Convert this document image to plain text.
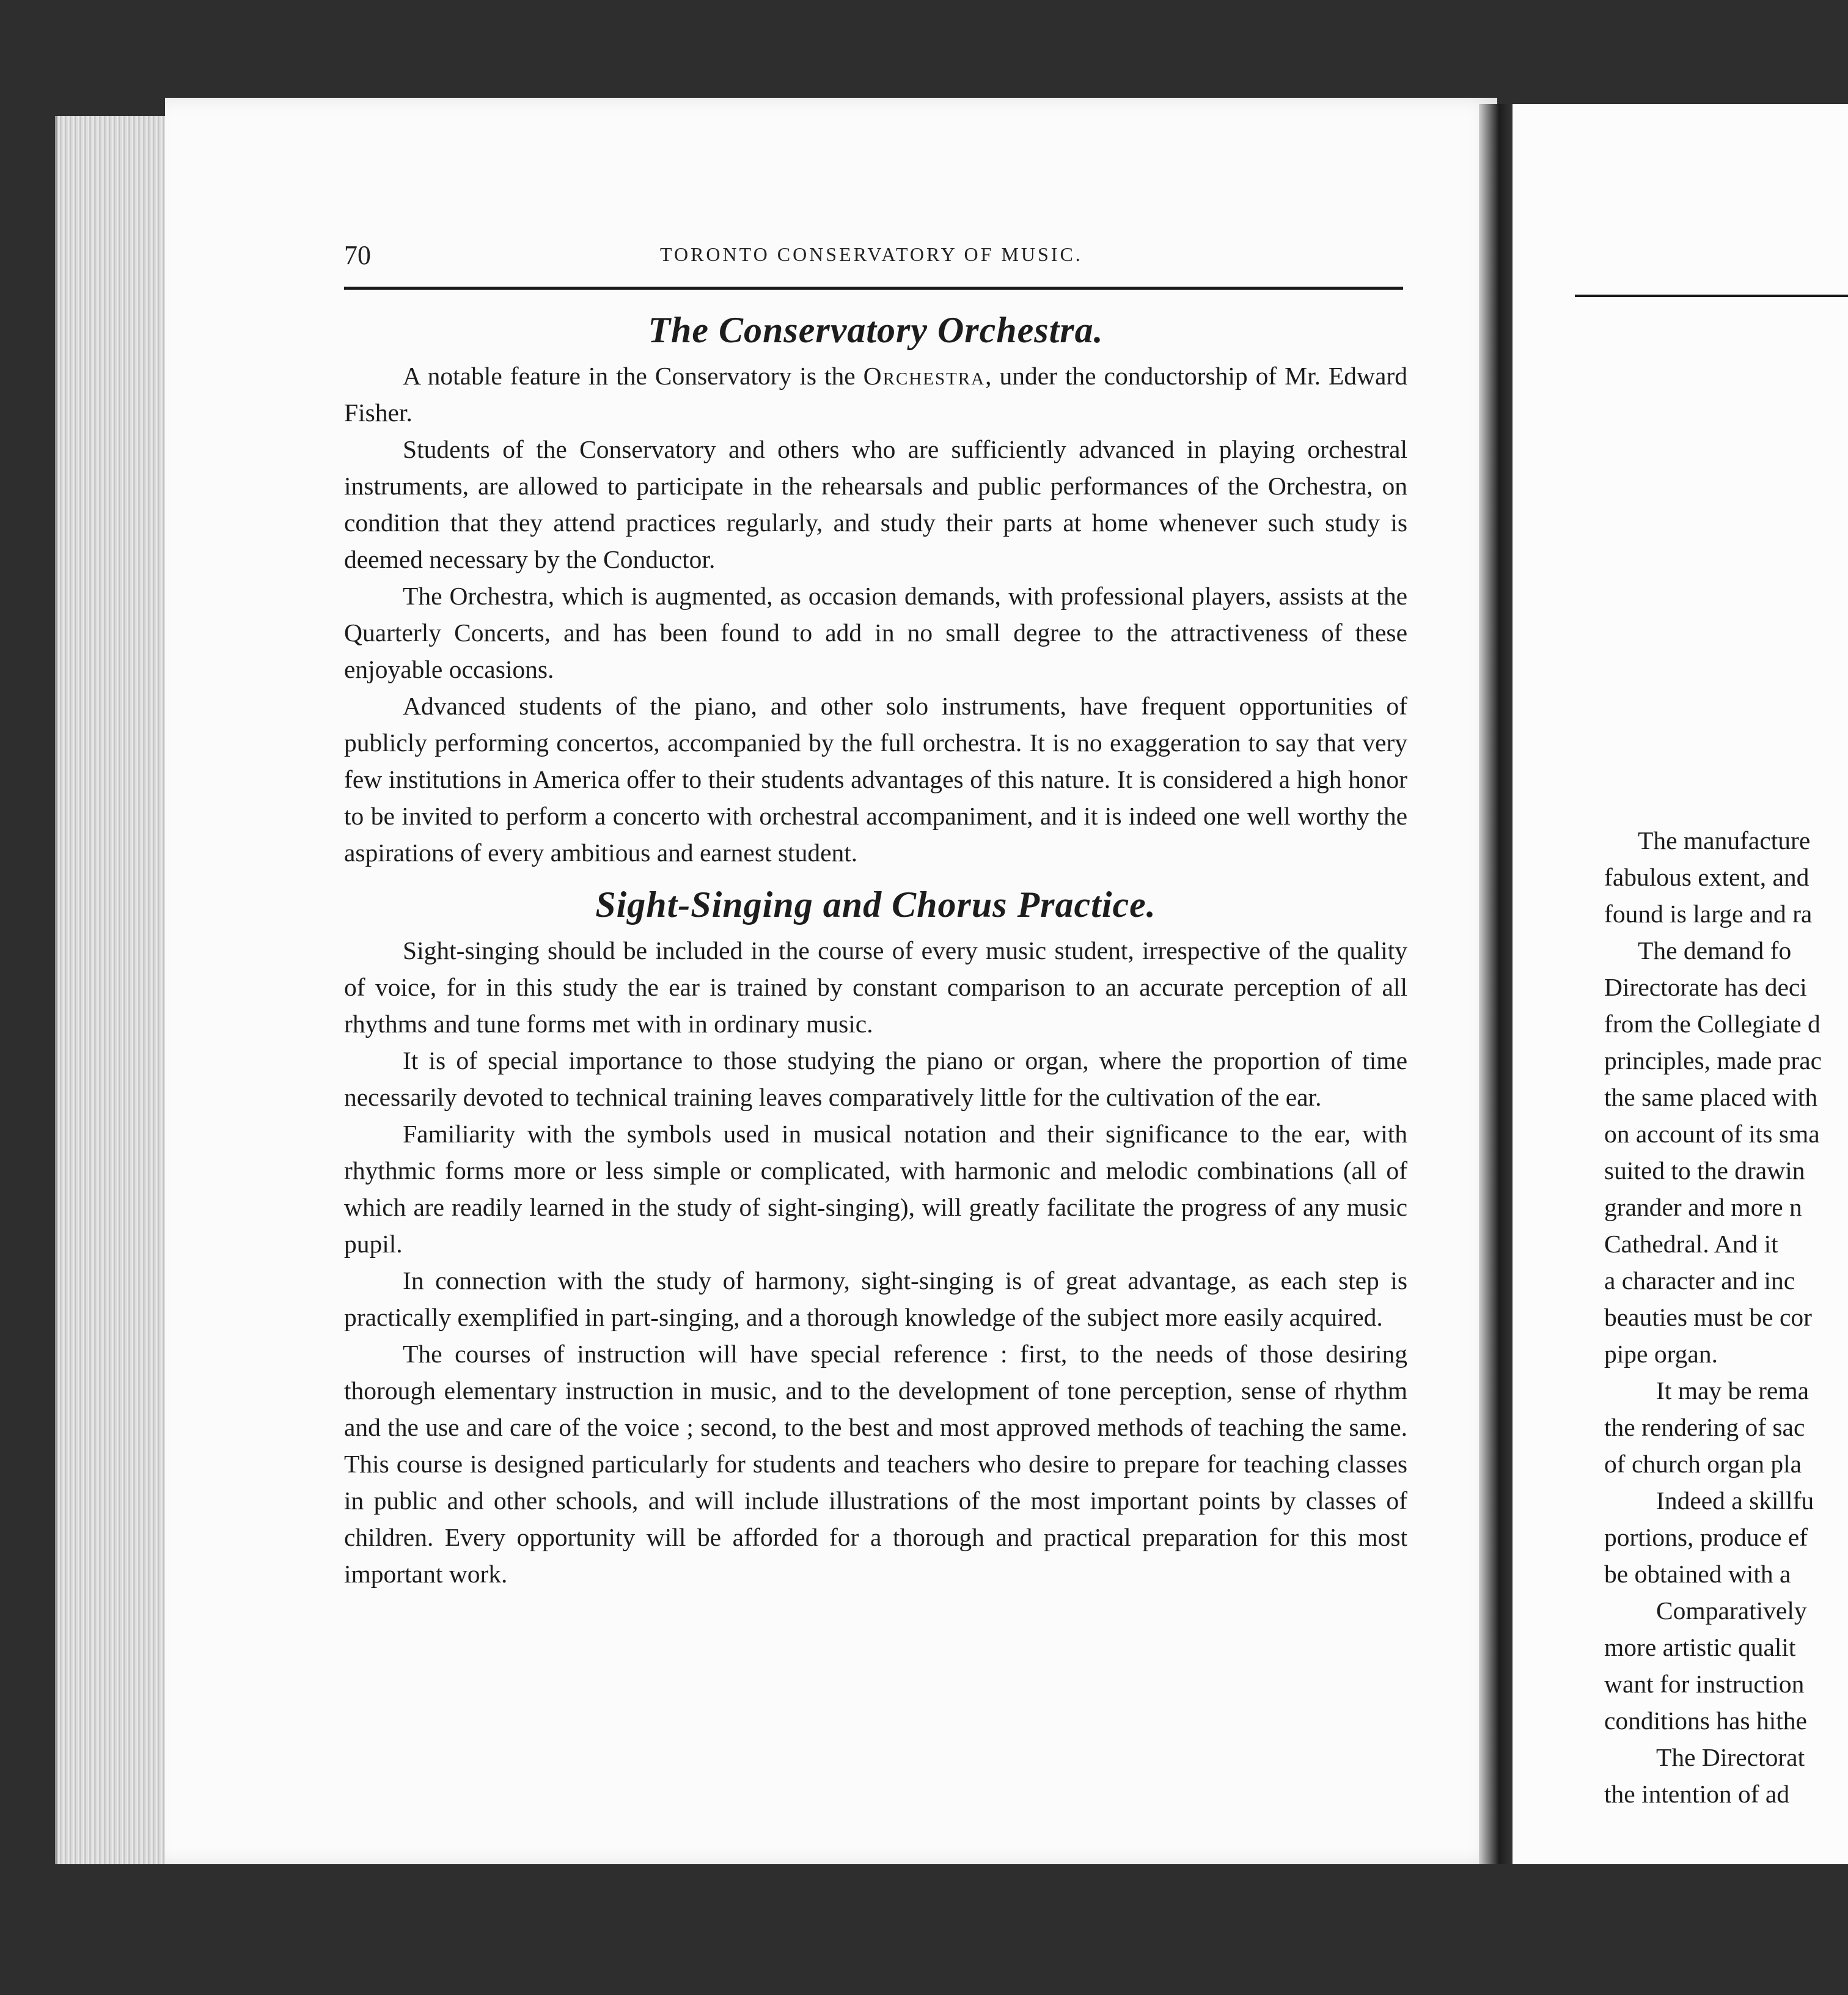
The manufacture
fabulous extent, and
found is large and ra
The demand fo
Directorate has deci
from the Collegiate d
principles, made prac
the same placed with
on account of its sma
suited to the drawin
grander and more n
Cathedral. And it
a character and inc
beauties must be cor
pipe organ.
It may be rema
the rendering of sac
of church organ pla
Indeed a skillfu
portions, produce ef
be obtained with a
Comparatively
more artistic qualit
want for instruction
conditions has hithe
The Directorat
the intention of ad
70	TORONTO CONSERVATORY OF MUSIC.
The Conservatory Orchestra.

A notable feature in the Conservatory is the Orchestra, under the conductorship of Mr. Edward Fisher.

Students of the Conservatory and others who are sufficiently advanced in playing orchestral instruments, are allowed to participate in the rehearsals and public performances of the Orchestra, on condition that they attend practices regularly, and study their parts at home whenever such study is deemed necessary by the Conductor.

The Orchestra, which is augmented, as occasion demands, with professional players, assists at the Quarterly Concerts, and has been found to add in no small degree to the attractiveness of these enjoyable occasions.

Advanced students of the piano, and other solo instruments, have frequent opportunities of publicly performing concertos, accompanied by the full orchestra. It is no exaggeration to say that very few institutions in America offer to their students advantages of this nature. It is considered a high honor to be invited to perform a concerto with orchestral accompaniment, and it is indeed one well worthy the aspirations of every ambitious and earnest student.

Sight-Singing and Chorus Practice.

Sight-singing should be included in the course of every music student, irrespective of the quality of voice, for in this study the ear is trained by constant comparison to an accurate perception of all rhythms and tune forms met with in ordinary music.

It is of special importance to those studying the piano or organ, where the proportion of time necessarily devoted to technical training leaves comparatively little for the cultivation of the ear.

Familiarity with the symbols used in musical notation and their significance to the ear, with rhythmic forms more or less simple or complicated, with harmonic and melodic combinations (all of which are readily learned in the study of sight-singing), will greatly facilitate the progress of any music pupil.

In connection with the study of harmony, sight-singing is of great advantage, as each step is practically exemplified in part-singing, and a thorough knowledge of the subject more easily acquired.

The courses of instruction will have special reference : first, to the needs of those desiring thorough elementary instruction in music, and to the development of tone perception, sense of rhythm and the use and care of the voice ; second, to the best and most approved methods of teaching the same. This course is designed particularly for students and teachers who desire to prepare for teaching classes in public and other schools, and will include illustrations of the most important points by classes of children. Every opportunity will be afforded for a thorough and practical preparation for this most important work.
